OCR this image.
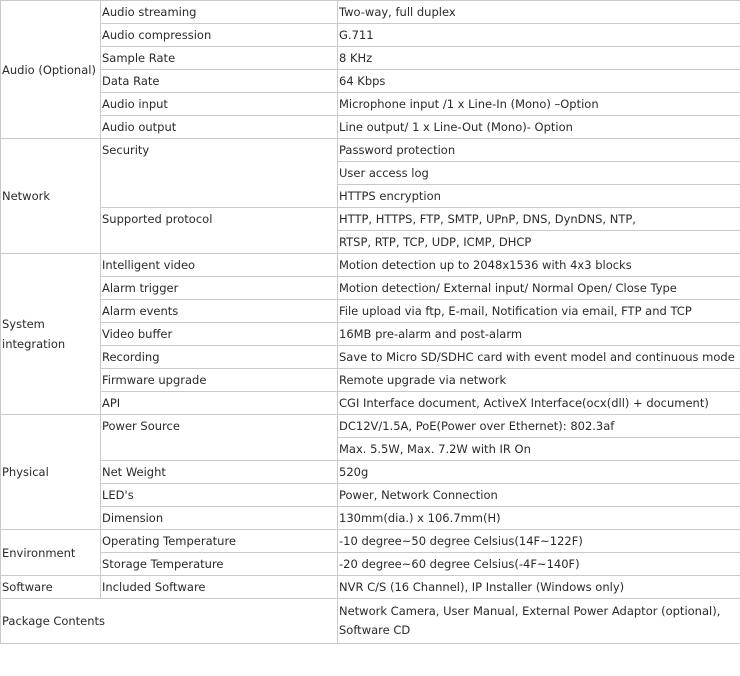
Audio (Optional)	Audio streaming	Two-way, full duplex
	Audio compression	G.711
	Sample Rate	8 KHz
	Data Rate	64 Kbps
	Audio input	Microphone input /1 x Line-In (Mono) –Option
	Audio output	Line output/ 1 x Line-Out (Mono)- Option
Network	Security	Password protection
		User access log
		HTTPS encryption
	Supported protocol	HTTP, HTTPS, FTP, SMTP, UPnP, DNS, DynDNS, NTP,
		RTSP, RTP, TCP, UDP, ICMP, DHCP
System integration	Intelligent video	Motion detection up to 2048x1536 with 4x3 blocks
	Alarm trigger	Motion detection/ External input/ Normal Open/ Close Type
	Alarm events	File upload via ftp, E-mail, Notification via email, FTP and TCP
	Video buffer	16MB pre-alarm and post-alarm
	Recording	Save to Micro SD/SDHC card with event model and continuous mode
	Firmware upgrade	Remote upgrade via network
	API	CGI Interface document, ActiveX Interface(ocx(dll) + document)
Physical	Power Source	DC12V/1.5A, PoE(Power over Ethernet): 802.3af
		Max. 5.5W, Max. 7.2W with IR On
	Net Weight	520g
	LED's	Power, Network Connection
	Dimension	130mm(dia.) x 106.7mm(H)
Environment	Operating Temperature	-10 degree~50 degree Celsius(14F~122F)
	Storage Temperature	-20 degree~60 degree Celsius(-4F~140F)
Software	Included Software	NVR C/S (16 Channel), IP Installer (Windows only)
Package Contents		Network Camera, User Manual, External Power Adaptor (optional), Software CD
